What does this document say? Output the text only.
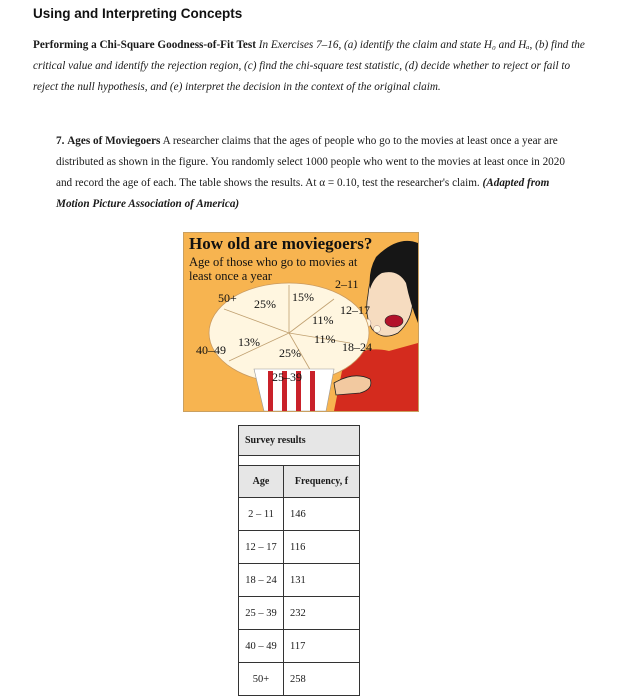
Using and Interpreting Concepts
Performing a Chi-Square Goodness-of-Fit Test In Exercises 7–16, (a) identify the claim and state H₀ and Hₐ, (b) find the critical value and identify the rejection region, (c) find the chi-square test statistic, (d) decide whether to reject or fail to reject the null hypothesis, and (e) interpret the decision in the context of the original claim.
7. Ages of Moviegoers A researcher claims that the ages of people who go to the movies at least once a year are distributed as shown in the figure. You randomly select 1000 people who went to the movies at least once in 2020 and record the age of each. The table shows the results. At α = 0.10, test the researcher's claim. (Adapted from Motion Picture Association of America)
How old are moviegoers?
Age of those who go to movies at least once a year
2–11
15%
12–17
11%
11%
18–24
50+ 25%
13%
40–49	25%
25–39
Survey results	

Age	Frequency, f
2 – 11	146
12 – 17	116
18 – 24	131
25 – 39	232
40 – 49	117
50+	258
